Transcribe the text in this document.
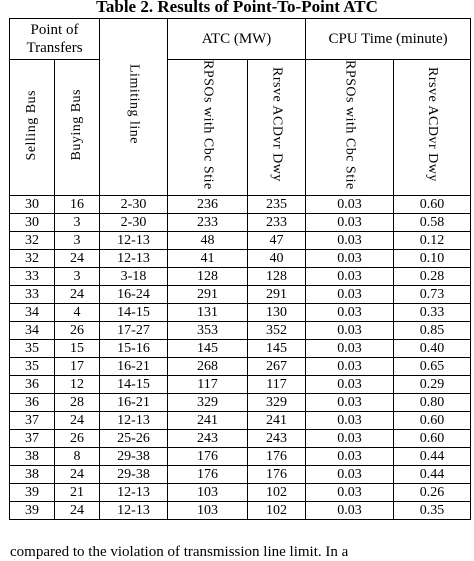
Table 2. Results of Point-To-Point ATC
Point of Transfers		Limiting line	ATC (MW)		CPU Time (minute)	
Selling Bus	Buying Bus		RPSOs with Cbc Stie	Rrsve ACDvr Dwy	RPSOs with Cbc Stie	Rrsve ACDvr Dwy
30	16	2-30	236	235	0.03	0.60
30	3	2-30	233	233	0.03	0.58
32	3	12-13	48	47	0.03	0.12
32	24	12-13	41	40	0.03	0.10
33	3	3-18	128	128	0.03	0.28
33	24	16-24	291	291	0.03	0.73
34	4	14-15	131	130	0.03	0.33
34	26	17-27	353	352	0.03	0.85
35	15	15-16	145	145	0.03	0.40
35	17	16-21	268	267	0.03	0.65
36	12	14-15	117	117	0.03	0.29
36	28	16-21	329	329	0.03	0.80
37	24	12-13	241	241	0.03	0.60
37	26	25-26	243	243	0.03	0.60
38	8	29-38	176	176	0.03	0.44
38	24	29-38	176	176	0.03	0.44
39	21	12-13	103	102	0.03	0.26
39	24	12-13	103	102	0.03	0.35
compared to the violation of transmission line limit. In a
